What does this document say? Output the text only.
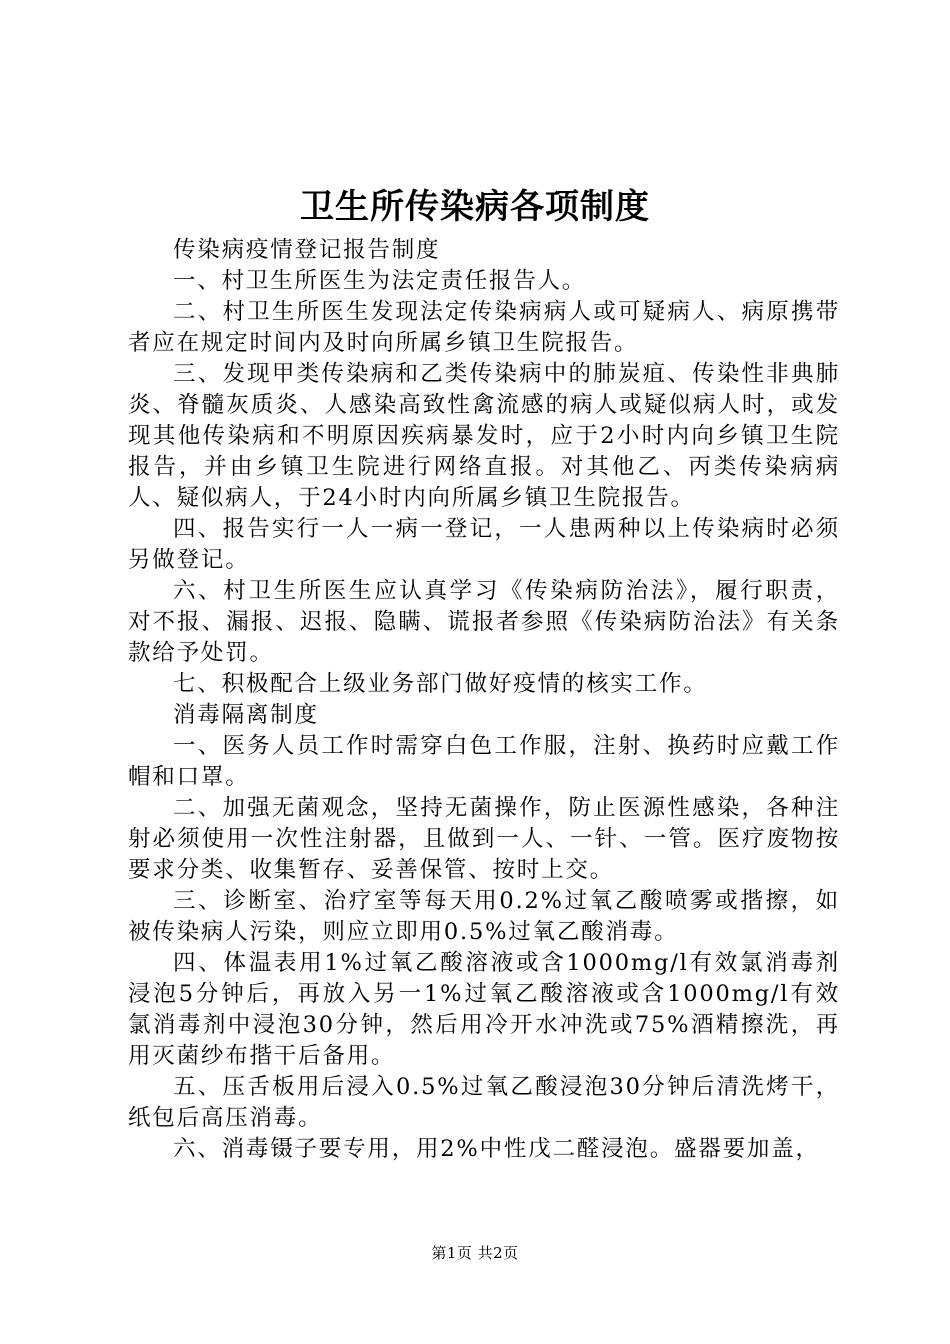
卫生所传染病各项制度

传染病疫情登记报告制度

一、村卫生所医生为法定责任报告人。

二、村卫生所医生发现法定传染病病人或可疑病人、病原携带者应在规定时间内及时向所属乡镇卫生院报告。

三、发现甲类传染病和乙类传染病中的肺炭疽、传染性非典肺炎、脊髓灰质炎、人感染高致性禽流感的病人或疑似病人时，或发现其他传染病和不明原因疾病暴发时，应于2小时内向乡镇卫生院报告，并由乡镇卫生院进行网络直报。对其他乙、丙类传染病病人、疑似病人，于24小时内向所属乡镇卫生院报告。

四、报告实行一人一病一登记，一人患两种以上传染病时必须另做登记。

六、村卫生所医生应认真学习《传染病防治法》，履行职责，对不报、漏报、迟报、隐瞒、谎报者参照《传染病防治法》有关条款给予处罚。

七、积极配合上级业务部门做好疫情的核实工作。

消毒隔离制度

一、医务人员工作时需穿白色工作服，注射、换药时应戴工作帽和口罩。

二、加强无菌观念，坚持无菌操作，防止医源性感染，各种注射必须使用一次性注射器，且做到一人、一针、一管。医疗废物按要求分类、收集暂存、妥善保管、按时上交。

三、诊断室、治疗室等每天用0.2%过氧乙酸喷雾或揩擦，如被传染病人污染，则应立即用0.5%过氧乙酸消毒。

四、体温表用1%过氧乙酸溶液或含1000mg/l有效氯消毒剂浸泡5分钟后，再放入另一1%过氧乙酸溶液或含1000mg/l有效氯消毒剂中浸泡30分钟，然后用冷开水冲洗或75%酒精擦洗，再用灭菌纱布揩干后备用。

五、压舌板用后浸入0.5%过氧乙酸浸泡30分钟后清洗烤干，纸包后高压消毒。

六、消毒镊子要专用，用2%中性戊二醛浸泡。盛器要加盖，

第1页 共2页
